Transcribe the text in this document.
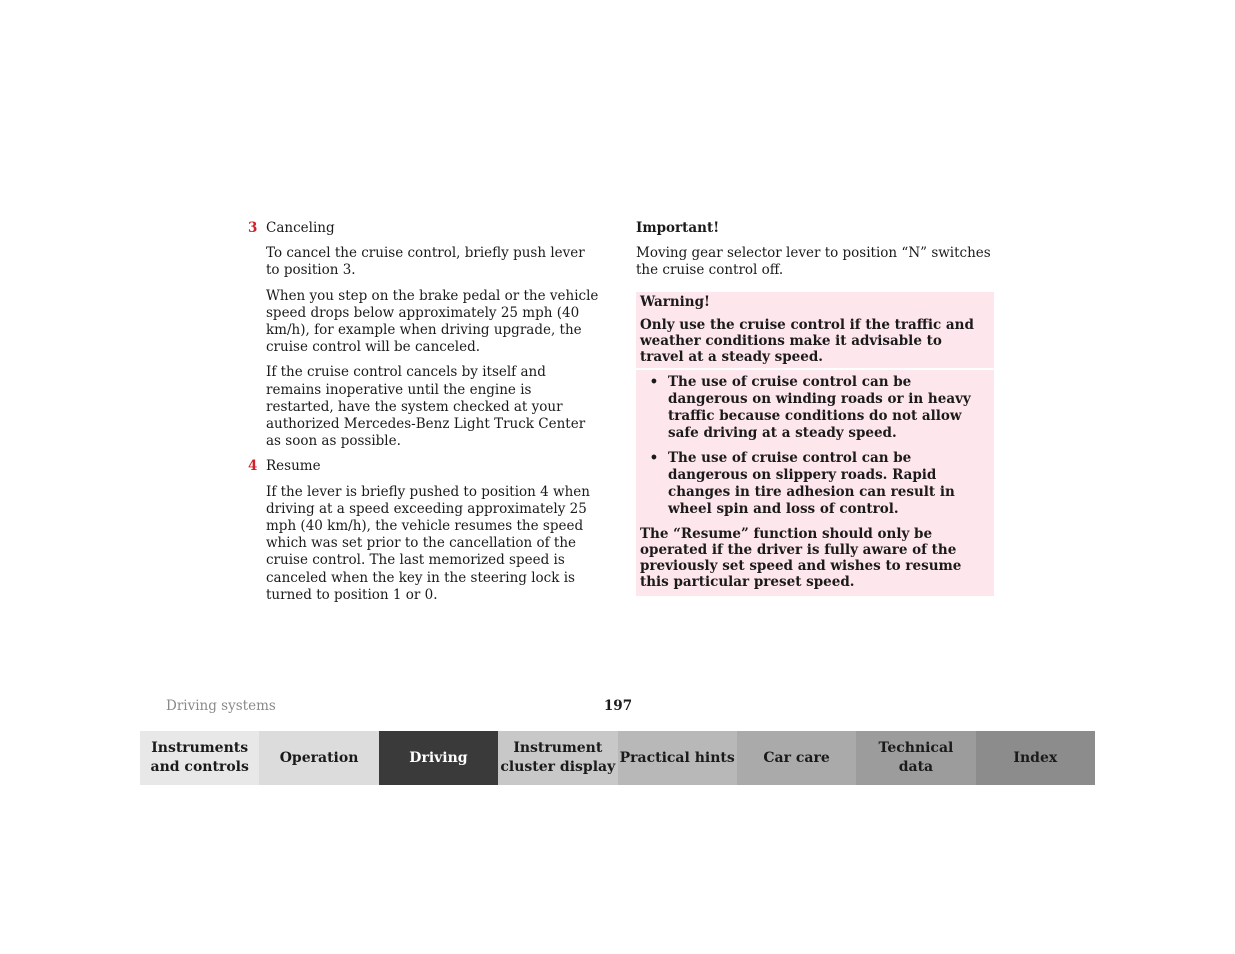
3 Canceling

To cancel the cruise control, briefly push lever to position 3.

When you step on the brake pedal or the vehicle speed drops below approximately 25 mph (40 km/h), for example when driving upgrade, the cruise control will be canceled.

If the cruise control cancels by itself and remains inoperative until the engine is restarted, have the system checked at your authorized Mercedes-Benz Light Truck Center as soon as possible.

4 Resume

If the lever is briefly pushed to position 4 when driving at a speed exceeding approximately 25 mph (40 km/h), the vehicle resumes the speed which was set prior to the cancellation of the cruise control. The last memorized speed is canceled when the key in the steering lock is turned to position 1 or 0.

Important!

Moving gear selector lever to position “N” switches the cruise control off.

Warning!

Only use the cruise control if the traffic and weather conditions make it advisable to travel at a steady speed.

• The use of cruise control can be dangerous on winding roads or in heavy traffic because conditions do not allow safe driving at a steady speed.
• The use of cruise control can be dangerous on slippery roads. Rapid changes in tire adhesion can result in wheel spin and loss of control.

The “Resume” function should only be operated if the driver is fully aware of the previously set speed and wishes to resume this particular preset speed.

Driving systems	197
Instruments
and controls
Operation	Driving
Instrument
cluster display
Practical hints	Car care
Technical
data
Index
